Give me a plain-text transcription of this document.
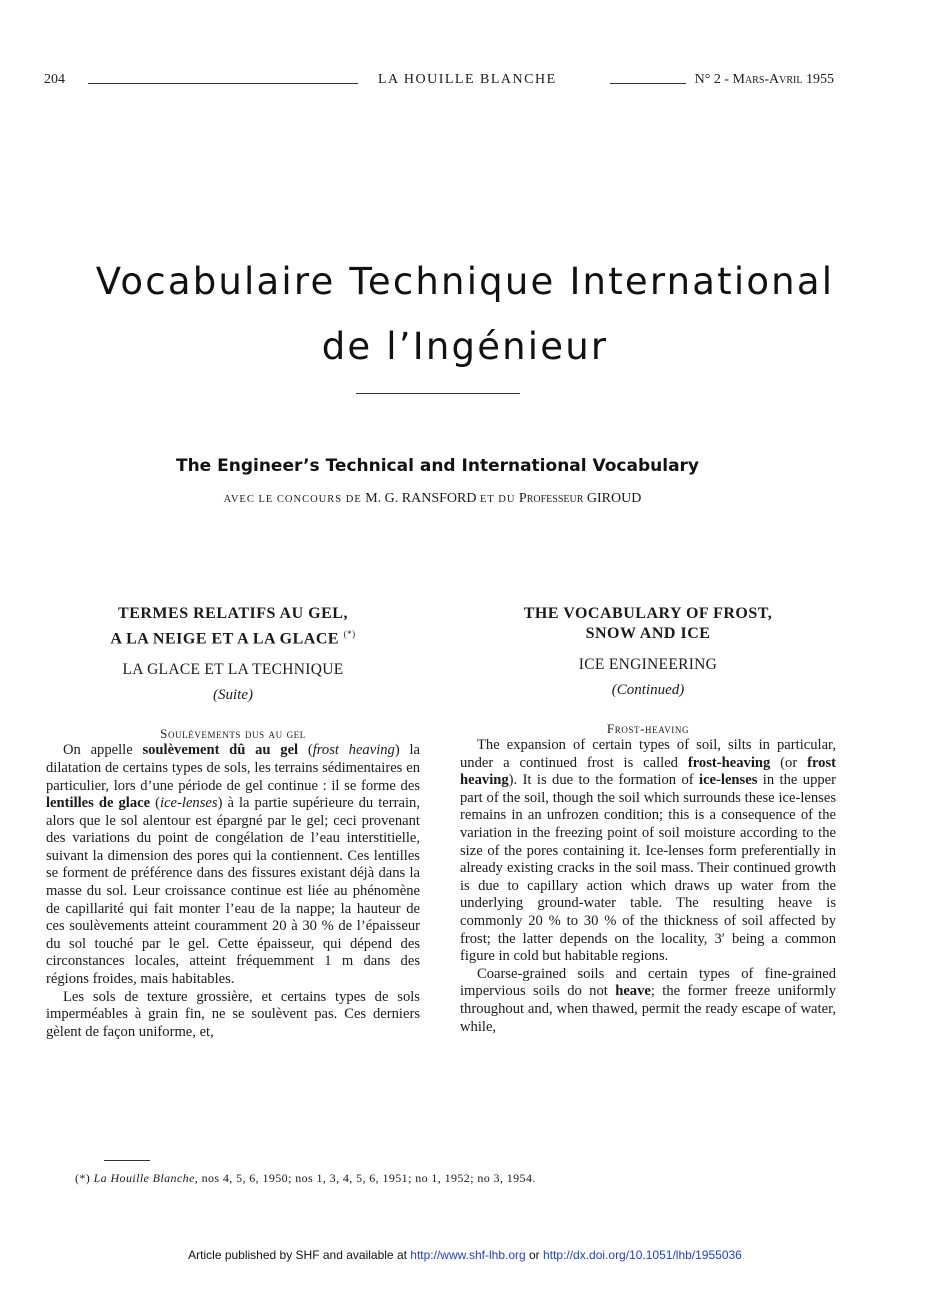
204	LA HOUILLE BLANCHE	N° 2 - Mars-Avril 1955
Vocabulaire Technique International
de l’Ingénieur
The Engineer’s Technical and International Vocabulary
AVEC LE CONCOURS DE M. G. RANSFORD ET DU Professeur GIROUD
TERMES RELATIFS AU GEL,
A LA NEIGE ET A LA GLACE (*)
LA GLACE ET LA TECHNIQUE
(Suite)
Soulèvements dus au gel

On appelle soulèvement dû au gel (frost heaving) la dilatation de certains types de sols, les terrains sédimentaires en particulier, lors d’une période de gel continue : il se forme des lentilles de glace (ice-lenses) à la partie supérieure du terrain, alors que le sol alentour est épargné par le gel; ceci provenant des variations du point de congélation de l’eau interstitielle, suivant la dimension des pores qui la contiennent. Ces lentilles se forment de préférence dans des fissures existant déjà dans la masse du sol. Leur croissance continue est liée au phénomène de capillarité qui fait monter l’eau de la nappe; la hauteur de ces soulèvements atteint couramment 20 à 30 % de l’épaisseur du sol touché par le gel. Cette épaisseur, qui dépend des circonstances locales, atteint fréquemment 1 m dans des régions froides, mais habitables.

Les sols de texture grossière, et certains types de sols imperméables à grain fin, ne se soulèvent pas. Ces derniers gèlent de façon uniforme, et,

THE VOCABULARY OF FROST,
SNOW AND ICE
ICE ENGINEERING
(Continued)
Frost-heaving

The expansion of certain types of soil, silts in particular, under a continued frost is called frost-heaving (or frost heaving). It is due to the formation of ice-lenses in the upper part of the soil, though the soil which surrounds these ice-lenses remains in an unfrozen condition; this is a consequence of the variation in the freezing point of soil moisture according to the size of the pores containing it. Ice-lenses form preferentially in already existing cracks in the soil mass. Their continued growth is due to capillary action which draws up water from the underlying ground-water table. The resulting heave is commonly 20 % to 30 % of the thickness of soil affected by frost; the latter depends on the locality, 3′ being a common figure in cold but habitable regions.

Coarse-grained soils and certain types of fine-grained impervious soils do not heave; the former freeze uniformly throughout and, when thawed, permit the ready escape of water, while,

(*) La Houille Blanche, nos 4, 5, 6, 1950; nos 1, 3, 4, 5, 6, 1951; no 1, 1952; no 3, 1954.
Article published by SHF and available at http://www.shf-lhb.org or http://dx.doi.org/10.1051/lhb/1955036
